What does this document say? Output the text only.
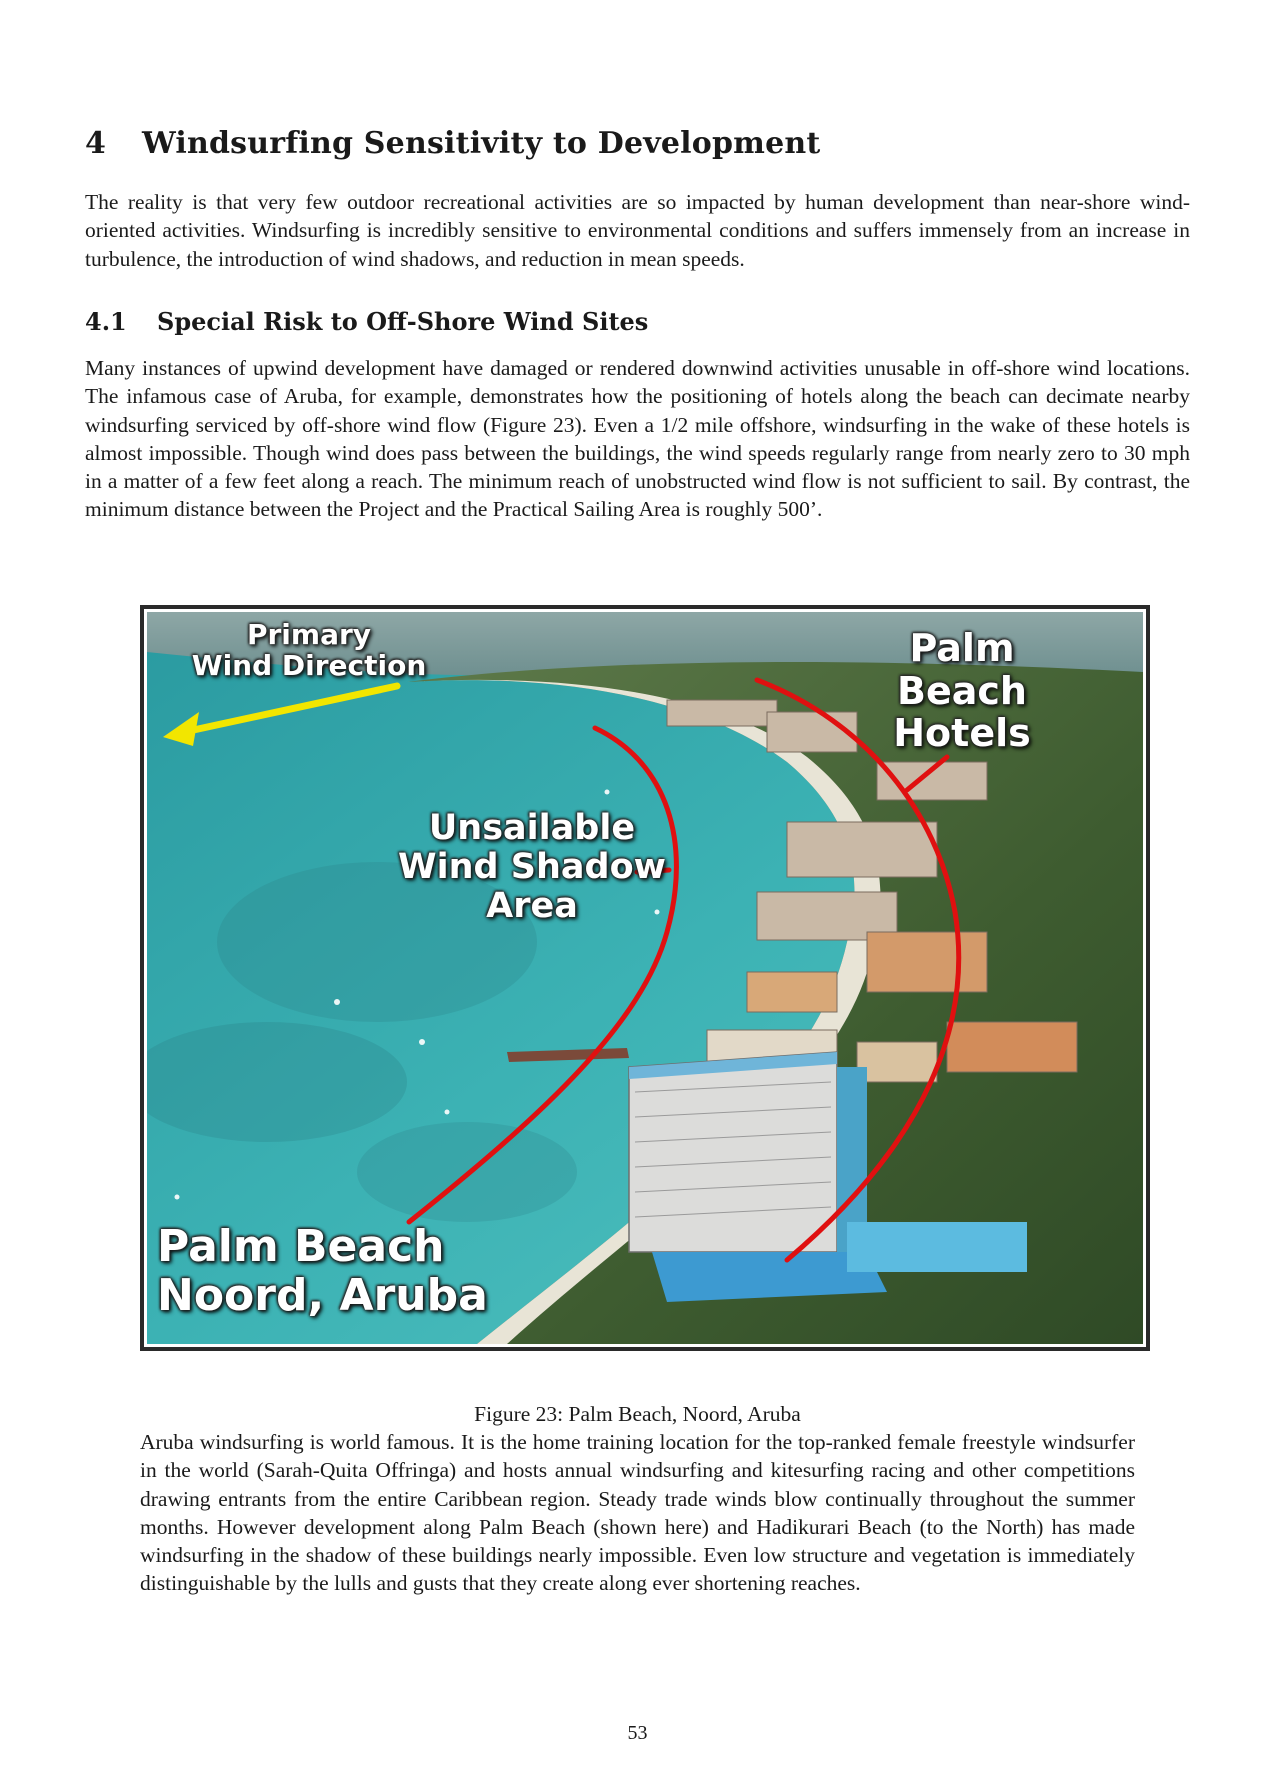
4 Windsurfing Sensitivity to Development

The reality is that very few outdoor recreational activities are so impacted by human development than near-shore wind-oriented activities. Windsurfing is incredibly sensitive to environmental conditions and suffers immensely from an increase in turbulence, the introduction of wind shadows, and reduction in mean speeds.

4.1 Special Risk to Off-Shore Wind Sites

Many instances of upwind development have damaged or rendered downwind activities unusable in off-shore wind locations. The infamous case of Aruba, for example, demonstrates how the positioning of hotels along the beach can decimate nearby windsurfing serviced by off-shore wind flow (Figure 23). Even a 1/2 mile offshore, windsurfing in the wake of these hotels is almost impossible. Though wind does pass between the buildings, the wind speeds regularly range from nearly zero to 30 mph in a matter of a few feet along a reach. The minimum reach of unobstructed wind flow is not sufficient to sail. By contrast, the minimum distance between the Project and the Practical Sailing Area is roughly 500’.

Primary
Wind Direction
Unsailable
Wind Shadow
Area
Palm
Beach
Hotels
Palm Beach
Noord, Aruba

Figure 23: Palm Beach, Noord, Aruba

Aruba windsurfing is world famous. It is the home training location for the top-ranked female freestyle windsurfer in the world (Sarah-Quita Offringa) and hosts annual windsurfing and kitesurfing racing and other competitions drawing entrants from the entire Caribbean region. Steady trade winds blow continually throughout the summer months. However development along Palm Beach (shown here) and Hadikurari Beach (to the North) has made windsurfing in the shadow of these buildings nearly impossible. Even low structure and vegetation is immediately distinguishable by the lulls and gusts that they create along ever shortening reaches.

53
